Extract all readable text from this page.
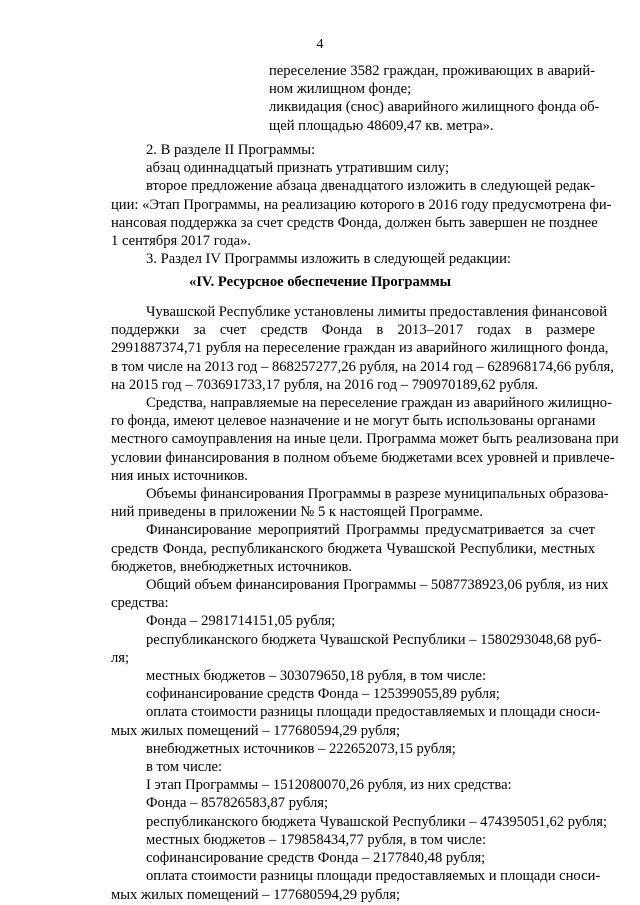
4
переселение 3582 граждан, проживающих в аварий-
ном жилищном фонде;
ликвидация (снос) аварийного жилищного фонда об-
щей площадью 48609,47 кв. метра».
2. В разделе II Программы:
абзац одиннадцатый признать утратившим силу;
второе предложение абзаца двенадцатого изложить в следующей редак-
ции: «Этап Программы, на реализацию которого в 2016 году предусмотрена фи-
нансовая поддержка за счет средств Фонда, должен быть завершен не позднее
1 сентября 2017 года».
3. Раздел IV Программы изложить в следующей редакции:
«IV. Ресурсное обеспечение Программы
Чувашской Республике установлены лимиты предоставления финансовой
поддержки за счет средств Фонда в 2013–2017 годах в размере
2991887374,71 рубля на переселение граждан из аварийного жилищного фонда,
в том числе на 2013 год – 868257277,26 рубля, на 2014 год – 628968174,66 рубля,
на 2015 год – 703691733,17 рубля, на 2016 год – 790970189,62 рубля.
Средства, направляемые на переселение граждан из аварийного жилищно-
го фонда, имеют целевое назначение и не могут быть использованы органами
местного самоуправления на иные цели. Программа может быть реализована при
условии финансирования в полном объеме бюджетами всех уровней и привлече-
ния иных источников.
Объемы финансирования Программы в разрезе муниципальных образова-
ний приведены в приложении № 5 к настоящей Программе.
Финансирование мероприятий Программы предусматривается за счет
средств Фонда, республиканского бюджета Чувашской Республики, местных
бюджетов, внебюджетных источников.
Общий объем финансирования Программы – 5087738923,06 рубля, из них
средства:
Фонда – 2981714151,05 рубля;
республиканского бюджета Чувашской Республики – 1580293048,68 руб-
ля;
местных бюджетов – 303079650,18 рубля, в том числе:
софинансирование средств Фонда – 125399055,89 рубля;
оплата стоимости разницы площади предоставляемых и площади сноси-
мых жилых помещений – 177680594,29 рубля;
внебюджетных источников – 222652073,15 рубля;
в том числе:
I этап Программы – 1512080070,26 рубля, из них средства:
Фонда – 857826583,87 рубля;
республиканского бюджета Чувашской Республики – 474395051,62 рубля;
местных бюджетов – 179858434,77 рубля, в том числе:
софинансирование средств Фонда – 2177840,48 рубля;
оплата стоимости разницы площади предоставляемых и площади сноси-
мых жилых помещений – 177680594,29 рубля;
